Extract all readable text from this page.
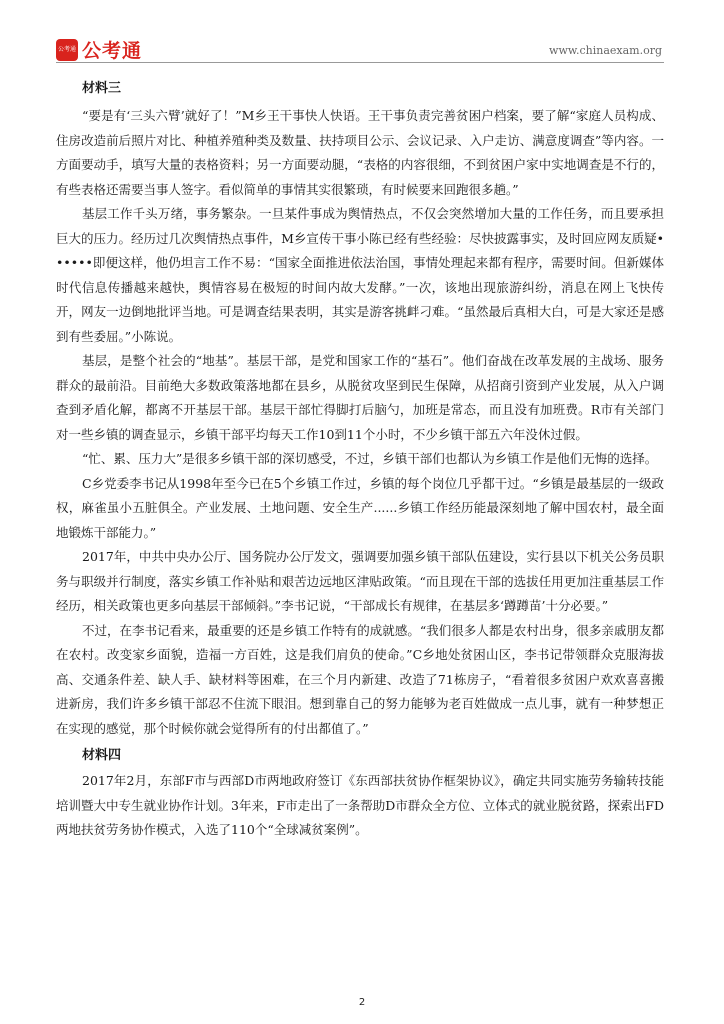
公考通 公考通	www.chinaexam.org

材料三

“要是有‘三头六臂’就好了！”M乡王干事快人快语。王干事负责完善贫困户档案，要了解“家庭人员构成、住房改造前后照片对比、种植养殖种类及数量、扶持项目公示、会议记录、入户走访、满意度调查”等内容。一方面要动手，填写大量的表格资料；另一方面要动腿，“表格的内容很细，不到贫困户家中实地调查是不行的，有些表格还需要当事人签字。看似简单的事情其实很繁琐，有时候要来回跑很多趟。”

基层工作千头万绪，事务繁杂。一旦某件事成为舆情热点，不仅会突然增加大量的工作任务，而且要承担巨大的压力。经历过几次舆情热点事件，M乡宣传干事小陈已经有些经验：尽快披露事实，及时回应网友质疑••••••即便这样，他仍坦言工作不易：“国家全面推进依法治国，事情处理起来都有程序，需要时间。但新媒体时代信息传播越来越快，舆情容易在极短的时间内故大发酵。”一次，该地出现旅游纠纷，消息在网上飞快传开，网友一边倒地批评当地。可是调查结果表明，其实是游客挑衅刁难。“虽然最后真相大白，可是大家还是感到有些委屈。”小陈说。

基层，是整个社会的“地基”。基层干部，是党和国家工作的“基石”。他们奋战在改革发展的主战场、服务群众的最前沿。目前绝大多数政策落地都在县乡，从脱贫攻坚到民生保障，从招商引资到产业发展，从入户调查到矛盾化解，都离不开基层干部。基层干部忙得脚打后脑勺，加班是常态，而且没有加班费。R市有关部门对一些乡镇的调查显示，乡镇干部平均每天工作10到11个小时，不少乡镇干部五六年没休过假。

“忙、累、压力大”是很多乡镇干部的深切感受，不过，乡镇干部们也都认为乡镇工作是他们无悔的选择。

C乡党委李书记从1998年至今已在5个乡镇工作过，乡镇的每个岗位几乎都干过。“乡镇是最基层的一级政权，麻雀虽小五脏俱全。产业发展、土地问题、安全生产......乡镇工作经历能最深刻地了解中国农村，最全面地锻炼干部能力。”

2017年，中共中央办公厅、国务院办公厅发文，强调要加强乡镇干部队伍建设，实行县以下机关公务员职务与职级并行制度，落实乡镇工作补贴和艰苦边远地区津贴政策。“而且现在干部的选拔任用更加注重基层工作经历，相关政策也更多向基层干部倾斜。”李书记说，“干部成长有规律，在基层多‘蹲蹲苗’十分必要。”

不过，在李书记看来，最重要的还是乡镇工作特有的成就感。“我们很多人都是农村出身，很多亲戚朋友都在农村。改变家乡面貌，造福一方百姓，这是我们肩负的使命。”C乡地处贫困山区，李书记带领群众克服海拔高、交通条件差、缺人手、缺材料等困难，在三个月内新建、改造了71栋房子，“看着很多贫困户欢欢喜喜搬进新房，我们许多乡镇干部忍不住流下眼泪。想到靠自己的努力能够为老百姓做成一点儿事，就有一种梦想正在实现的感觉，那个时候你就会觉得所有的付出都值了。”

材料四

2017年2月，东部F市与西部D市两地政府签订《东西部扶贫协作框架协议》，确定共同实施劳务输转技能培训暨大中专生就业协作计划。3年来，F市走出了一条帮助D市群众全方位、立体式的就业脱贫路，探索出FD两地扶贫劳务协作模式，入选了110个“全球减贫案例”。

2
